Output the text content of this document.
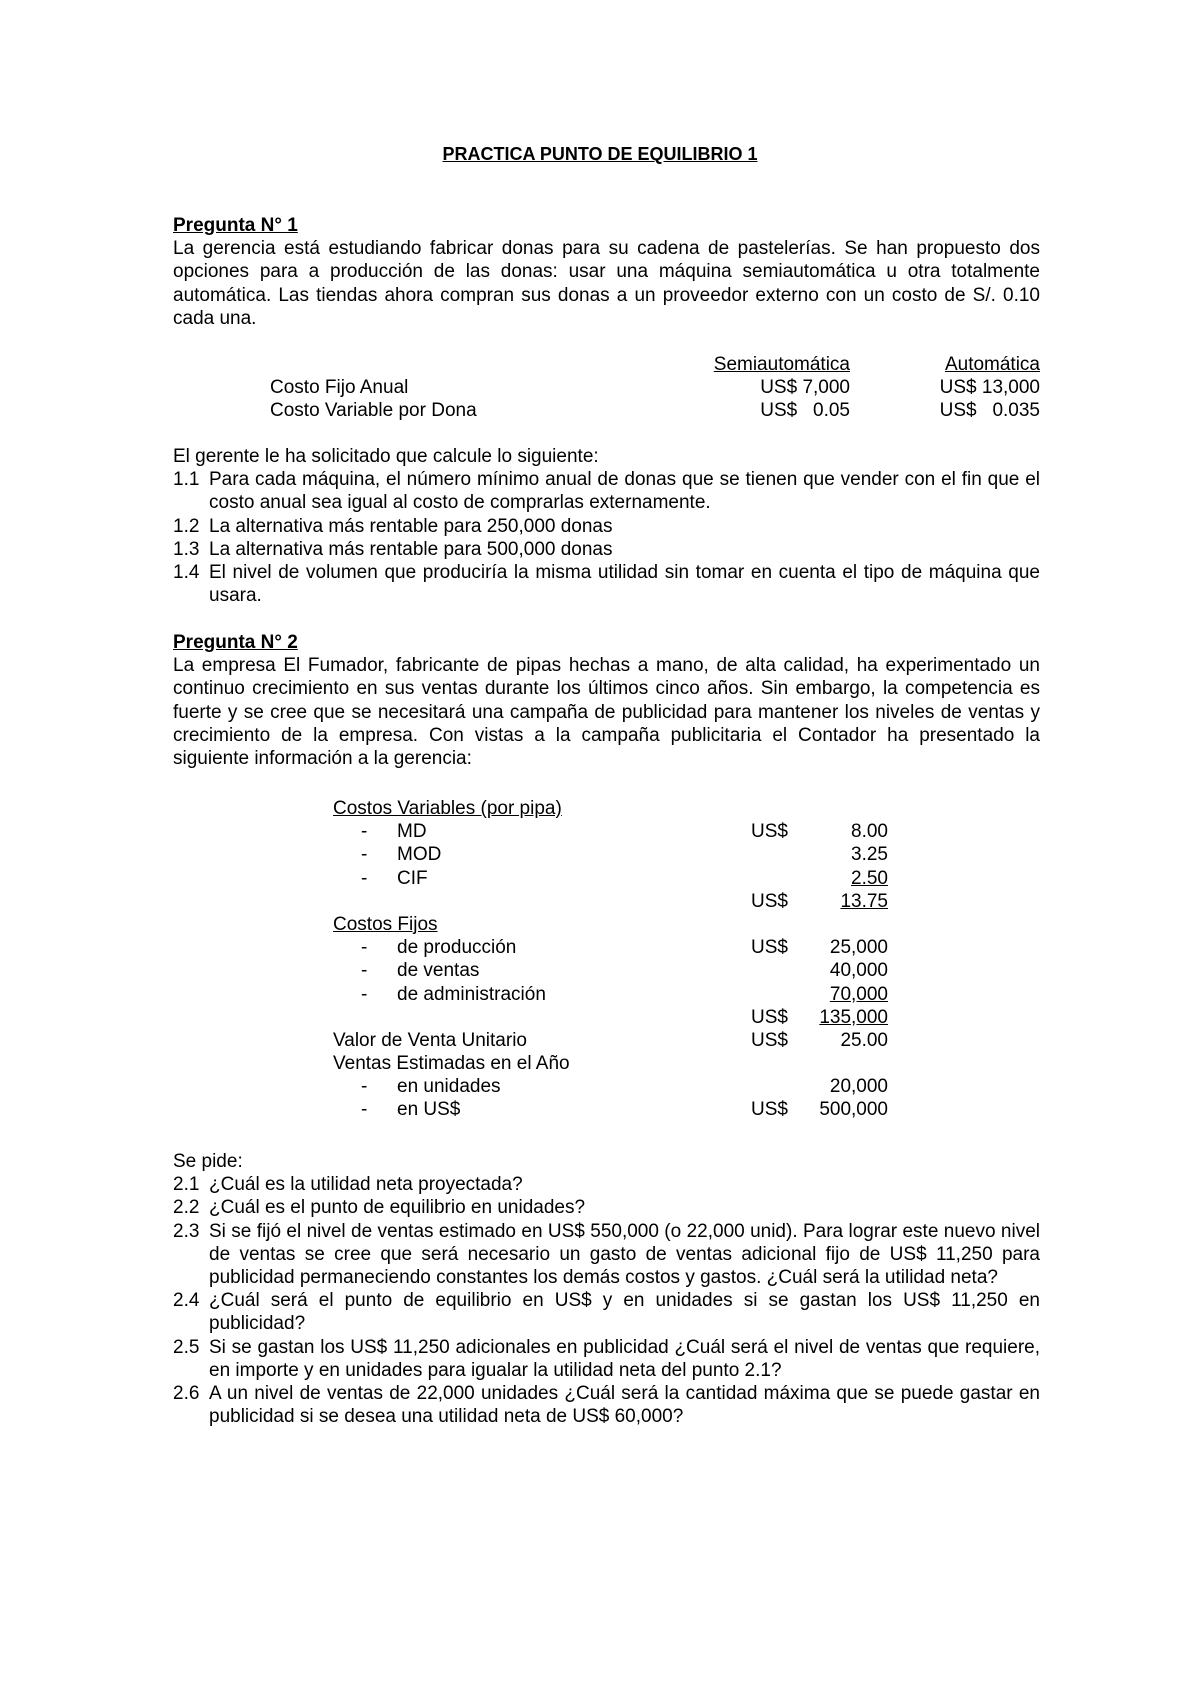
PRACTICA PUNTO DE EQUILIBRIO 1
Pregunta N° 1
La gerencia está estudiando fabricar donas para su cadena de pastelerías. Se han propuesto dos opciones para a producción de las donas: usar una máquina semiautomática u otra totalmente automática. Las tiendas ahora compran sus donas a un proveedor externo con un costo de S/. 0.10 cada una.
Semiautomática	Automática
Costo Fijo Anual	US$ 7,000	US$ 13,000
Costo Variable por Dona	US$   0.05	US$   0.035
El gerente le ha solicitado que calcule lo siguiente:
1.1 Para cada máquina, el número mínimo anual de donas que se tienen que vender con el fin que el costo anual sea igual al costo de comprarlas externamente.
1.2 La alternativa más rentable para 250,000 donas
1.3 La alternativa más rentable para 500,000 donas
1.4 El nivel de volumen que produciría la misma utilidad sin tomar en cuenta el tipo de máquina que usara.
Pregunta N° 2
La empresa El Fumador, fabricante de pipas hechas a mano, de alta calidad, ha experimentado un continuo crecimiento en sus ventas durante los últimos cinco años. Sin embargo, la competencia es fuerte y se cree que se necesitará una campaña de publicidad para mantener los niveles de ventas y crecimiento de la empresa. Con vistas a la campaña publicitaria el Contador ha presentado la siguiente información a la gerencia:
Costos Variables (por pipa)
- MD	US$	8.00
- MOD	3.25
- CIF	2.50
US$	13.75
Costos Fijos
- de producción	US$ 25,000
- de ventas	40,000
- de administración	70,000
US$ 135,000
Valor de Venta Unitario	US$	25.00
Ventas Estimadas en el Año
- en unidades	20,000
- en US$	US$ 500,000
Se pide:
2.1 ¿Cuál es la utilidad neta proyectada?
2.2 ¿Cuál es el punto de equilibrio en unidades?
2.3 Si se fijó el nivel de ventas estimado en US$ 550,000 (o 22,000 unid). Para lograr este nuevo nivel de ventas se cree que será necesario un gasto de ventas adicional fijo de US$ 11,250 para publicidad permaneciendo constantes los demás costos y gastos. ¿Cuál será la utilidad neta?
2.4 ¿Cuál será el punto de equilibrio en US$ y en unidades si se gastan los US$ 11,250 en publicidad?
2.5 Si se gastan los US$ 11,250 adicionales en publicidad ¿Cuál será el nivel de ventas que requiere, en importe y en unidades para igualar la utilidad neta del punto 2.1?
2.6 A un nivel de ventas de 22,000 unidades ¿Cuál será la cantidad máxima que se puede gastar en publicidad si se desea una utilidad neta de US$ 60,000?
